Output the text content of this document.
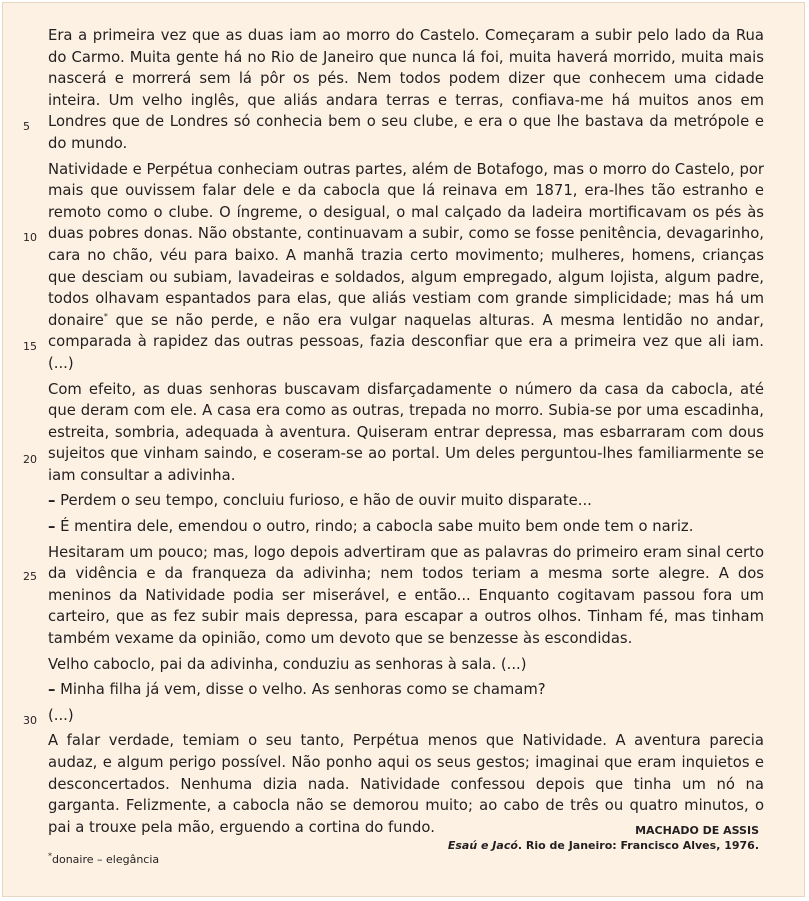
5
10
15
20
25
30

Era a primeira vez que as duas iam ao morro do Castelo. Começaram a subir pelo lado da Rua do Carmo. Muita gente há no Rio de Janeiro que nunca lá foi, muita haverá morrido, muita mais nascerá e morrerá sem lá pôr os pés. Nem todos podem dizer que conhecem uma cidade inteira. Um velho inglês, que aliás andara terras e terras, confiava-me há muitos anos em Londres que de Londres só conhecia bem o seu clube, e era o que lhe bastava da metrópole e do mundo.

Natividade e Perpétua conheciam outras partes, além de Botafogo, mas o morro do Castelo, por mais que ouvissem falar dele e da cabocla que lá reinava em 1871, era-lhes tão estranho e remoto como o clube. O íngreme, o desigual, o mal calçado da ladeira mortificavam os pés às duas pobres donas. Não obstante, continuavam a subir, como se fosse penitência, devagarinho, cara no chão, véu para baixo. A manhã trazia certo movimento; mulheres, homens, crianças que desciam ou subiam, lavadeiras e soldados, algum empregado, algum lojista, algum padre, todos olhavam espantados para elas, que aliás vestiam com grande simplicidade; mas há um donaire* que se não perde, e não era vulgar naquelas alturas. A mesma lentidão no andar, comparada à rapidez das outras pessoas, fazia desconfiar que era a primeira vez que ali iam. (...)

Com efeito, as duas senhoras buscavam disfarçadamente o número da casa da cabocla, até que deram com ele. A casa era como as outras, trepada no morro. Subia-se por uma escadinha, estreita, sombria, adequada à aventura. Quiseram entrar depressa, mas esbarraram com dous sujeitos que vinham saindo, e coseram-se ao portal. Um deles perguntou-lhes familiarmente se iam consultar a adivinha.

– Perdem o seu tempo, concluiu furioso, e hão de ouvir muito disparate...

– É mentira dele, emendou o outro, rindo; a cabocla sabe muito bem onde tem o nariz.

Hesitaram um pouco; mas, logo depois advertiram que as palavras do primeiro eram sinal certo da vidência e da franqueza da adivinha; nem todos teriam a mesma sorte alegre. A dos meninos da Natividade podia ser miserável, e então... Enquanto cogitavam passou fora um carteiro, que as fez subir mais depressa, para escapar a outros olhos. Tinham fé, mas tinham também vexame da opinião, como um devoto que se benzesse às escondidas.

Velho caboclo, pai da adivinha, conduziu as senhoras à sala. (...)

– Minha filha já vem, disse o velho. As senhoras como se chamam?

(...)

A falar verdade, temiam o seu tanto, Perpétua menos que Natividade. A aventura parecia audaz, e algum perigo possível. Não ponho aqui os seus gestos; imaginai que eram inquietos e desconcertados. Nenhuma dizia nada. Natividade confessou depois que tinha um nó na garganta. Felizmente, a cabocla não se demorou muito; ao cabo de três ou quatro minutos, o pai a trouxe pela mão, erguendo a cortina do fundo.	MACHADO DE ASSIS
Esaú e Jacó. Rio de Janeiro: Francisco Alves, 1976.
*donaire – elegância
